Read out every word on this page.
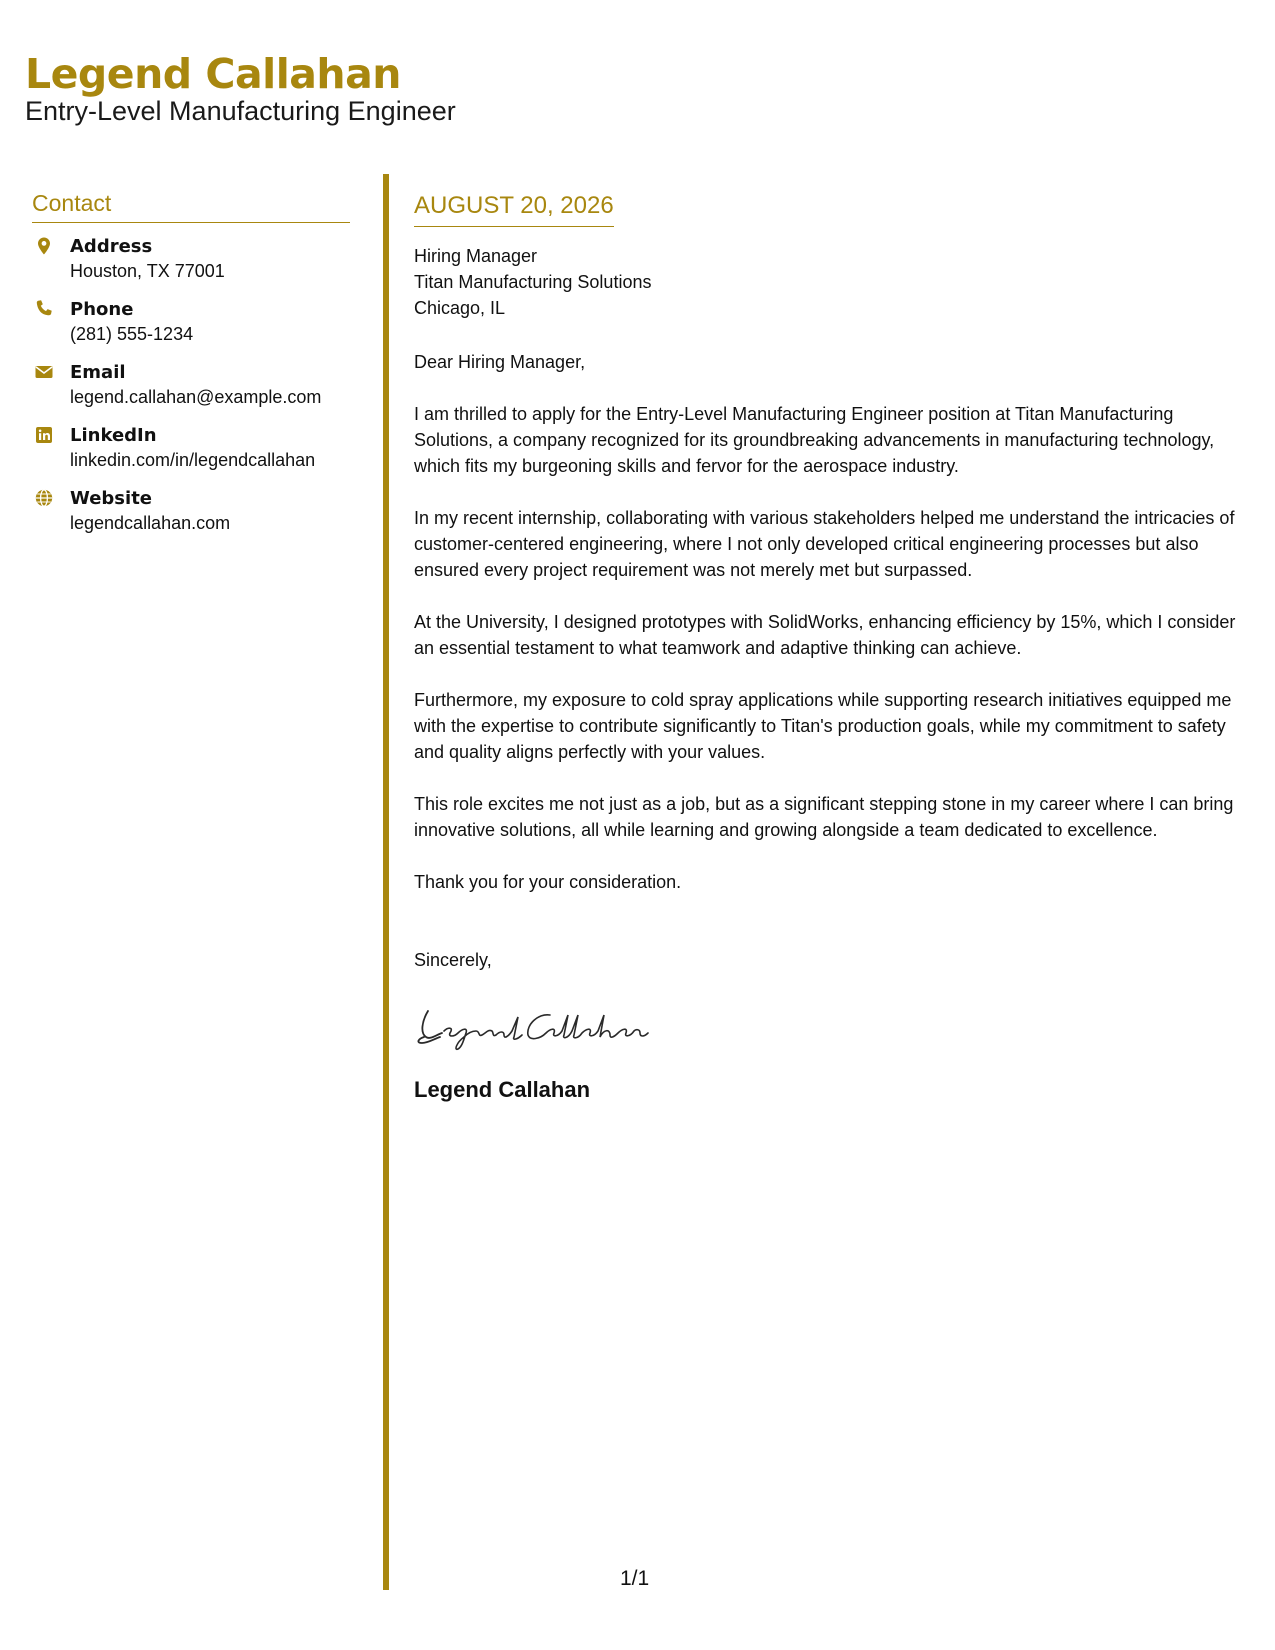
Legend Callahan
Entry-Level Manufacturing Engineer
Contact
Address
Houston, TX 77001
Phone
(281) 555-1234
Email
legend.callahan@example.com
LinkedIn
linkedin.com/in/legendcallahan
Website
legendcallahan.com
AUGUST 20, 2026
Hiring Manager
Titan Manufacturing Solutions
Chicago, IL
Dear Hiring Manager,
I am thrilled to apply for the Entry-Level Manufacturing Engineer position at Titan Manufacturing Solutions, a company recognized for its groundbreaking advancements in manufacturing technology, which fits my burgeoning skills and fervor for the aerospace industry.
In my recent internship, collaborating with various stakeholders helped me understand the intricacies of customer-centered engineering, where I not only developed critical engineering processes but also ensured every project requirement was not merely met but surpassed.
At the University, I designed prototypes with SolidWorks, enhancing efficiency by 15%, which I consider an essential testament to what teamwork and adaptive thinking can achieve.
Furthermore, my exposure to cold spray applications while supporting research initiatives equipped me with the expertise to contribute significantly to Titan's production goals, while my commitment to safety and quality aligns perfectly with your values.
This role excites me not just as a job, but as a significant stepping stone in my career where I can bring innovative solutions, all while learning and growing alongside a team dedicated to excellence.
Thank you for your consideration.
Sincerely,
Legend Callahan
1/1
